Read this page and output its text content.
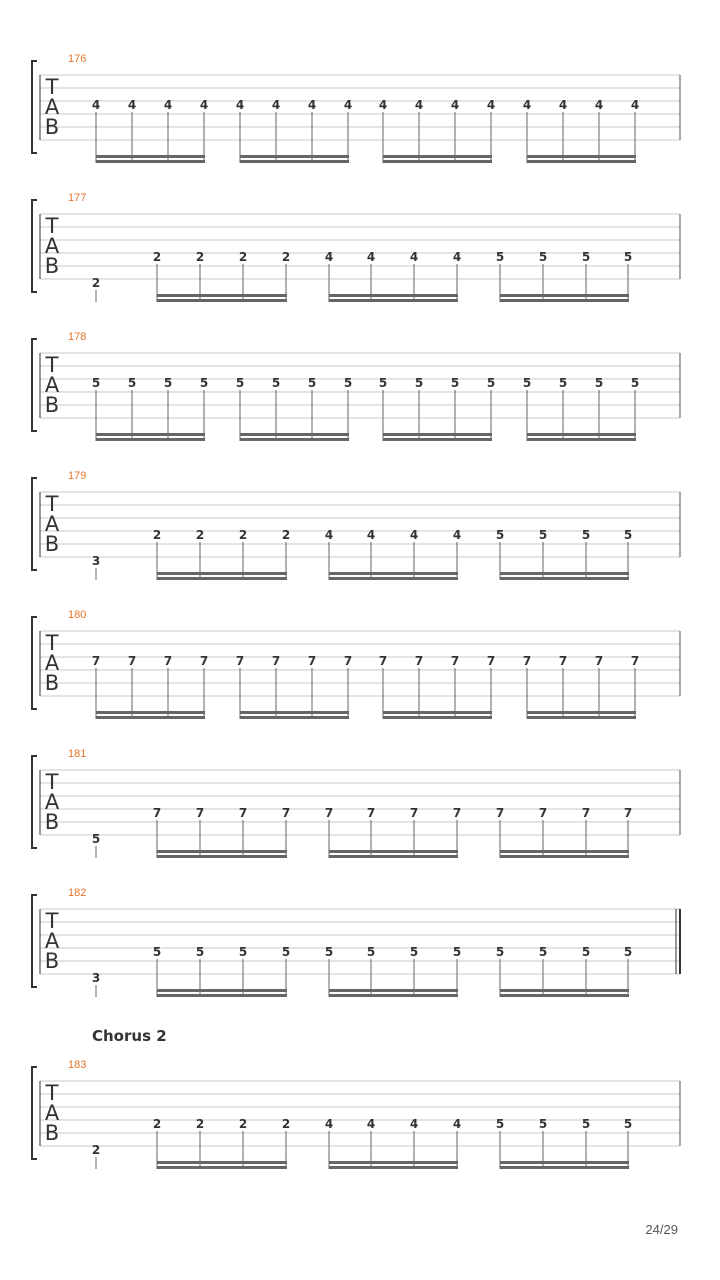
176
T
A
B
4 4 4 4 4 4 4 4 4 4 4 4 4 4 4 4
177
T
A
B
2
2	2	2	2	4	4	4	4	5	5	5	5
178
T
A
B
5 5 5 5 5 5 5 5 5 5 5 5 5 5 5 5
179
T
A
B
3
2	2	2	2	4	4	4	4	5	5	5	5
180
T
A
B
7 7 7 7 7 7 7 7 7 7 7 7 7 7 7 7
181
T
A
B
5
7	7	7	7	7	7	7	7	7	7	7	7
182
T
A
B
3
5	5	5	5	5	5	5	5	5	5	5	5
Chorus 2
183
T
A
B
2
2	2	2	2	4	4	4	4	5	5	5	5
24/29
